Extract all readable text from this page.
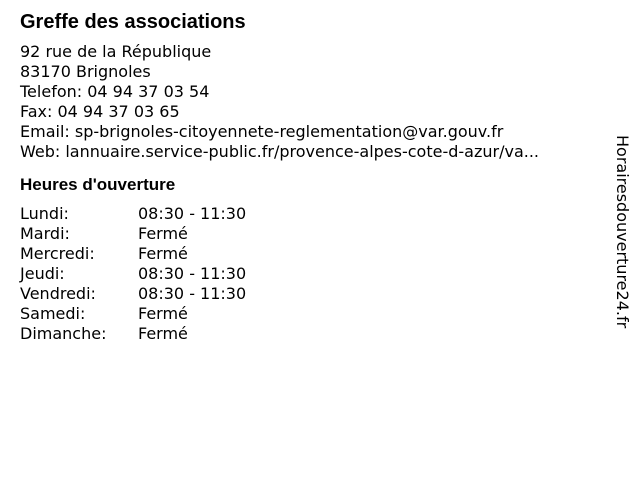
Greffe des associations
92 rue de la République
83170 Brignoles
Telefon: 04 94 37 03 54
Fax: 04 94 37 03 65
Email: sp-brignoles-citoyennete-reglementation@var.gouv.fr
Web: lannuaire.service-public.fr/provence-alpes-cote-d-azur/va...
Heures d'ouverture
Lundi:	08:30 - 11:30
Mardi:	Fermé
Mercredi:	Fermé
Jeudi:	08:30 - 11:30
Vendredi:	08:30 - 11:30
Samedi:	Fermé
Dimanche:	Fermé
Horairesdouverture24.fr
